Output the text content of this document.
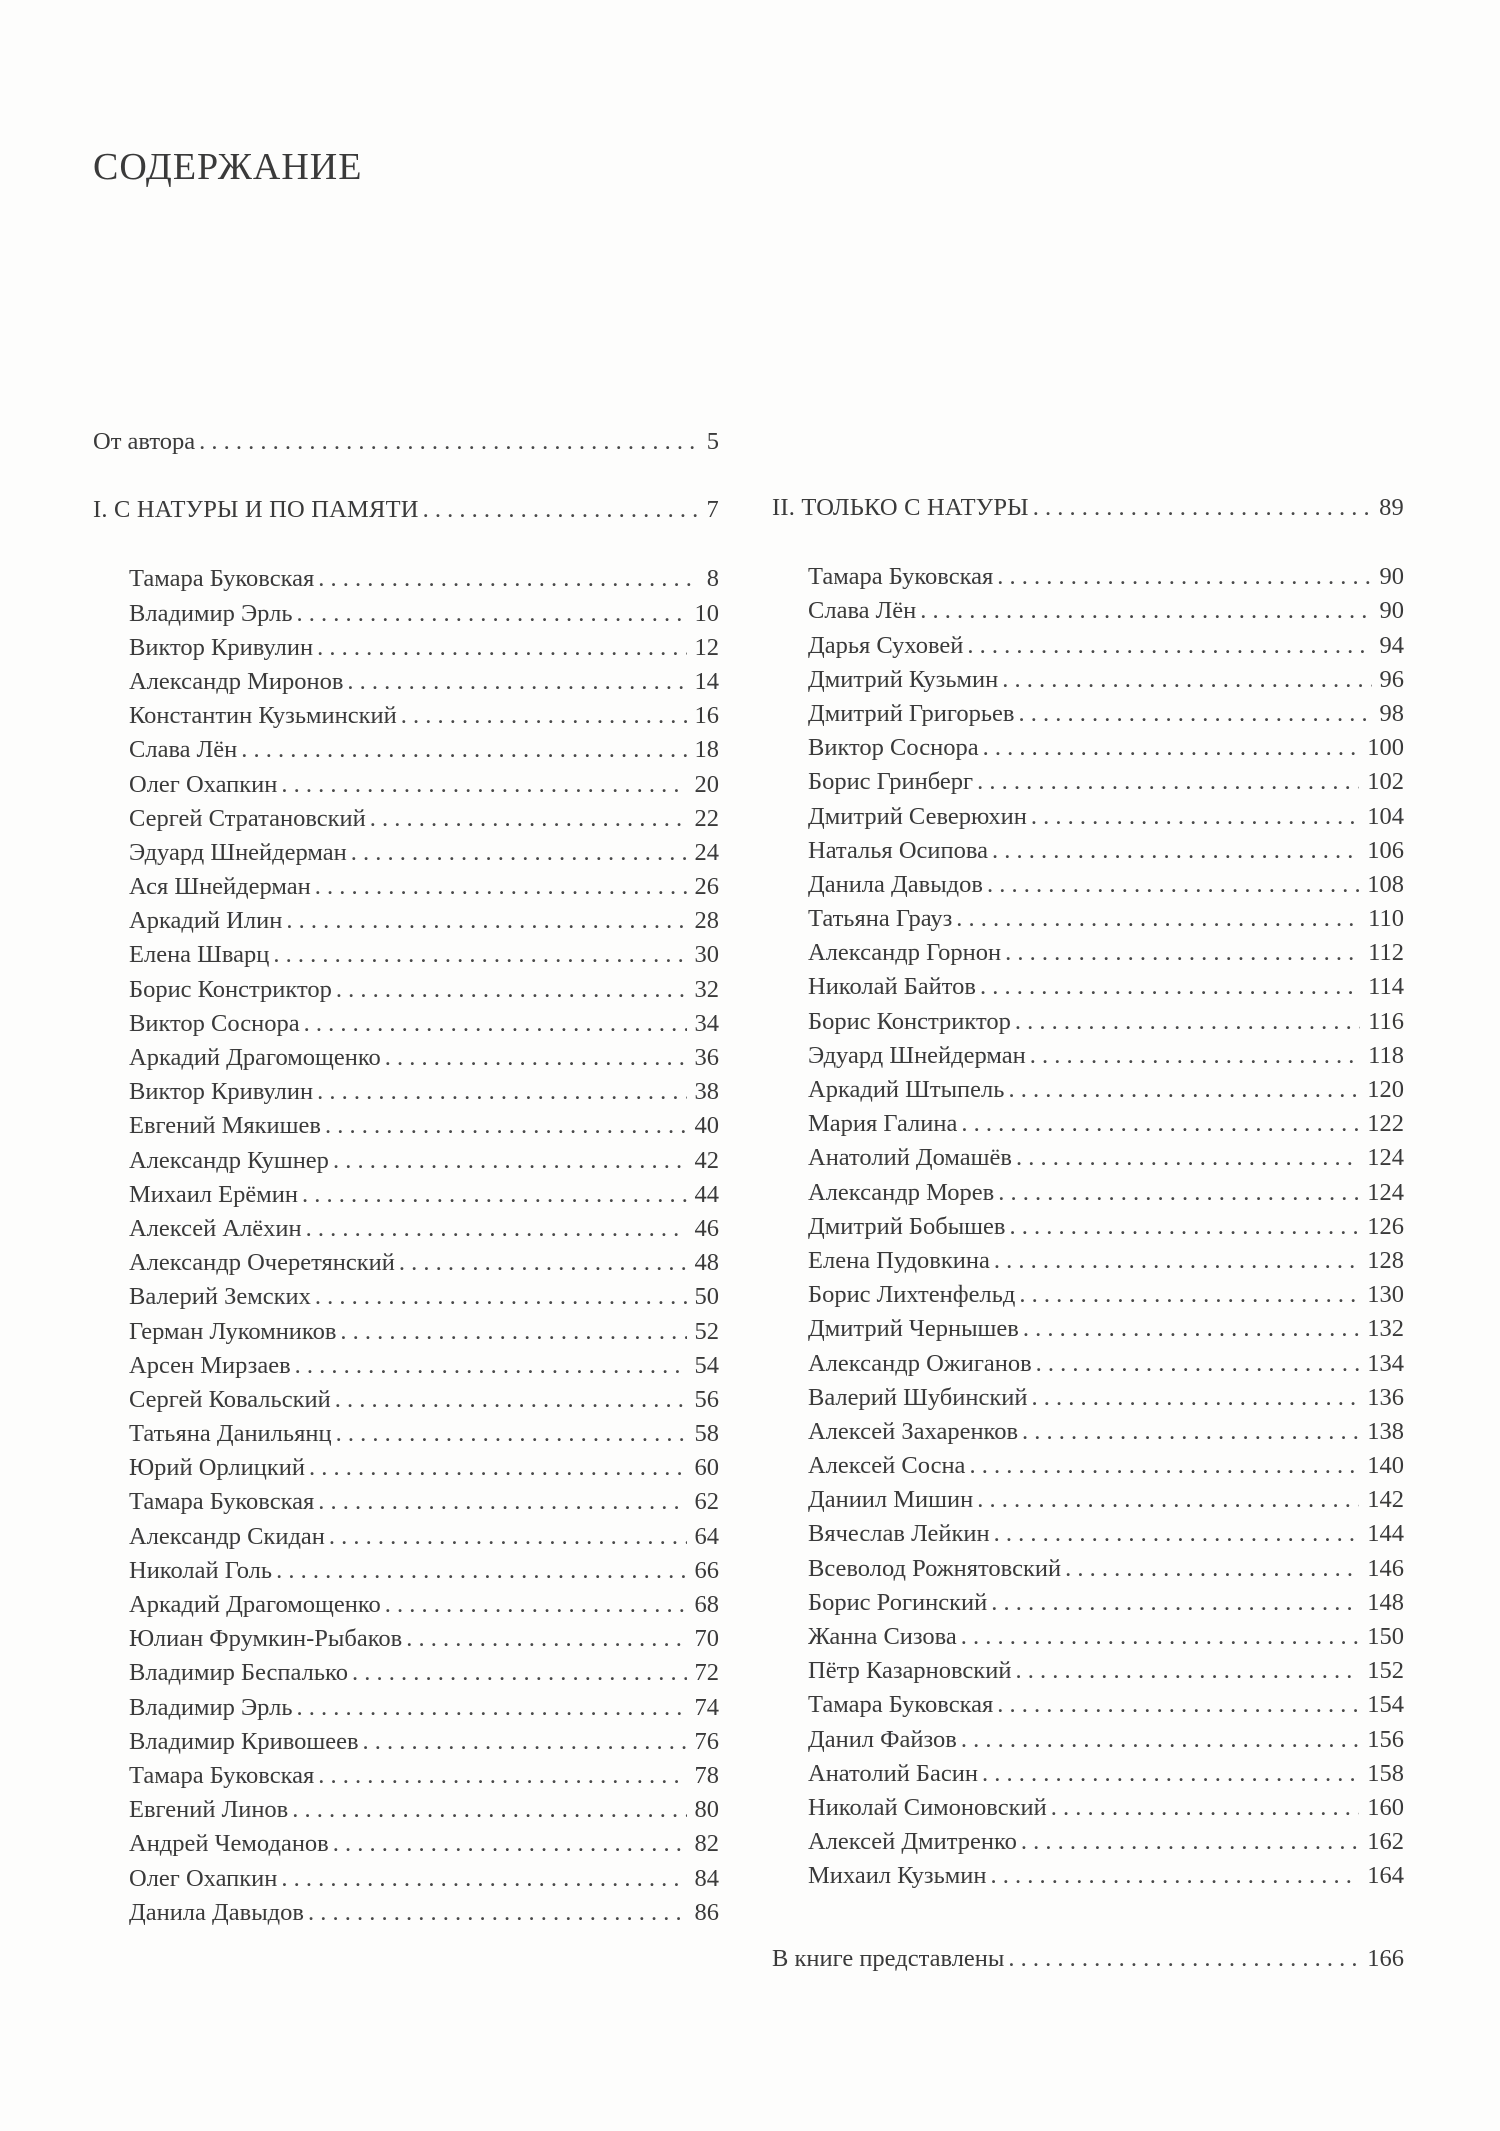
СОДЕРЖАНИЕ
От автора . . .	5
I. С НАТУРЫ И ПО ПАМЯТИ . . .	7
Тамара Буковская . . .	8
Владимир Эрль . . .	10
Виктор Кривулин . . .	12
Александр Миронов . . .	14
Константин Кузьминский . . .	16
Слава Лён . . .	18
Олег Охапкин . . .	20
Сергей Стратановский . . .	22
Эдуард Шнейдерман . . .	24
Ася Шнейдерман . . .	26
Аркадий Илин . . .	28
Елена Шварц . . .	30
Борис Констриктор . . .	32
Виктор Соснора . . .	34
Аркадий Драгомощенко . . .	36
Виктор Кривулин . . .	38
Евгений Мякишев . . .	40
Александр Кушнер . . .	42
Михаил Ерёмин . . .	44
Алексей Алёхин . . .	46
Александр Очеретянский . . .	48
Валерий Земских . . .	50
Герман Лукомников . . .	52
Арсен Мирзаев . . .	54
Сергей Ковальский . . .	56
Татьяна Данильянц . . .	58
Юрий Орлицкий . . .	60
Тамара Буковская . . .	62
Александр Скидан . . .	64
Николай Голь . . .	66
Аркадий Драгомощенко . . .	68
Юлиан Фрумкин-Рыбаков . . .	70
Владимир Беспалько . . .	72
Владимир Эрль . . .	74
Владимир Кривошеев . . .	76
Тамара Буковская . . .	78
Евгений Линов . . .	80
Андрей Чемоданов . . .	82
Олег Охапкин . . .	84
Данила Давыдов . . .	86
II. ТОЛЬКО С НАТУРЫ . . .	89
Тамара Буковская . . .	90
Слава Лён . . .	90
Дарья Суховей . . .	94
Дмитрий Кузьмин . . .	96
Дмитрий Григорьев . . .	98
Виктор Соснора . . .	100
Борис Гринберг . . .	102
Дмитрий Северюхин . . .	104
Наталья Осипова . . .	106
Данила Давыдов . . .	108
Татьяна Грауз . . .	110
Александр Горнон . . .	112
Николай Байтов . . .	114
Борис Констриктор . . .	116
Эдуард Шнейдерман . . .	118
Аркадий Штыпель . . .	120
Мария Галина . . .	122
Анатолий Домашёв . . .	124
Александр Морев . . .	124
Дмитрий Бобышев . . .	126
Елена Пудовкина . . .	128
Борис Лихтенфельд . . .	130
Дмитрий Чернышев . . .	132
Александр Ожиганов . . .	134
Валерий Шубинский . . .	136
Алексей Захаренков . . .	138
Алексей Сосна . . .	140
Даниил Мишин . . .	142
Вячеслав Лейкин . . .	144
Всеволод Рожнятовский . . .	146
Борис Рогинский . . .	148
Жанна Сизова . . .	150
Пётр Казарновский . . .	152
Тамара Буковская . . .	154
Данил Файзов . . .	156
Анатолий Басин . . .	158
Николай Симоновский . . .	160
Алексей Дмитренко . . .	162
Михаил Кузьмин . . .	164
В книге представлены . . .	166
